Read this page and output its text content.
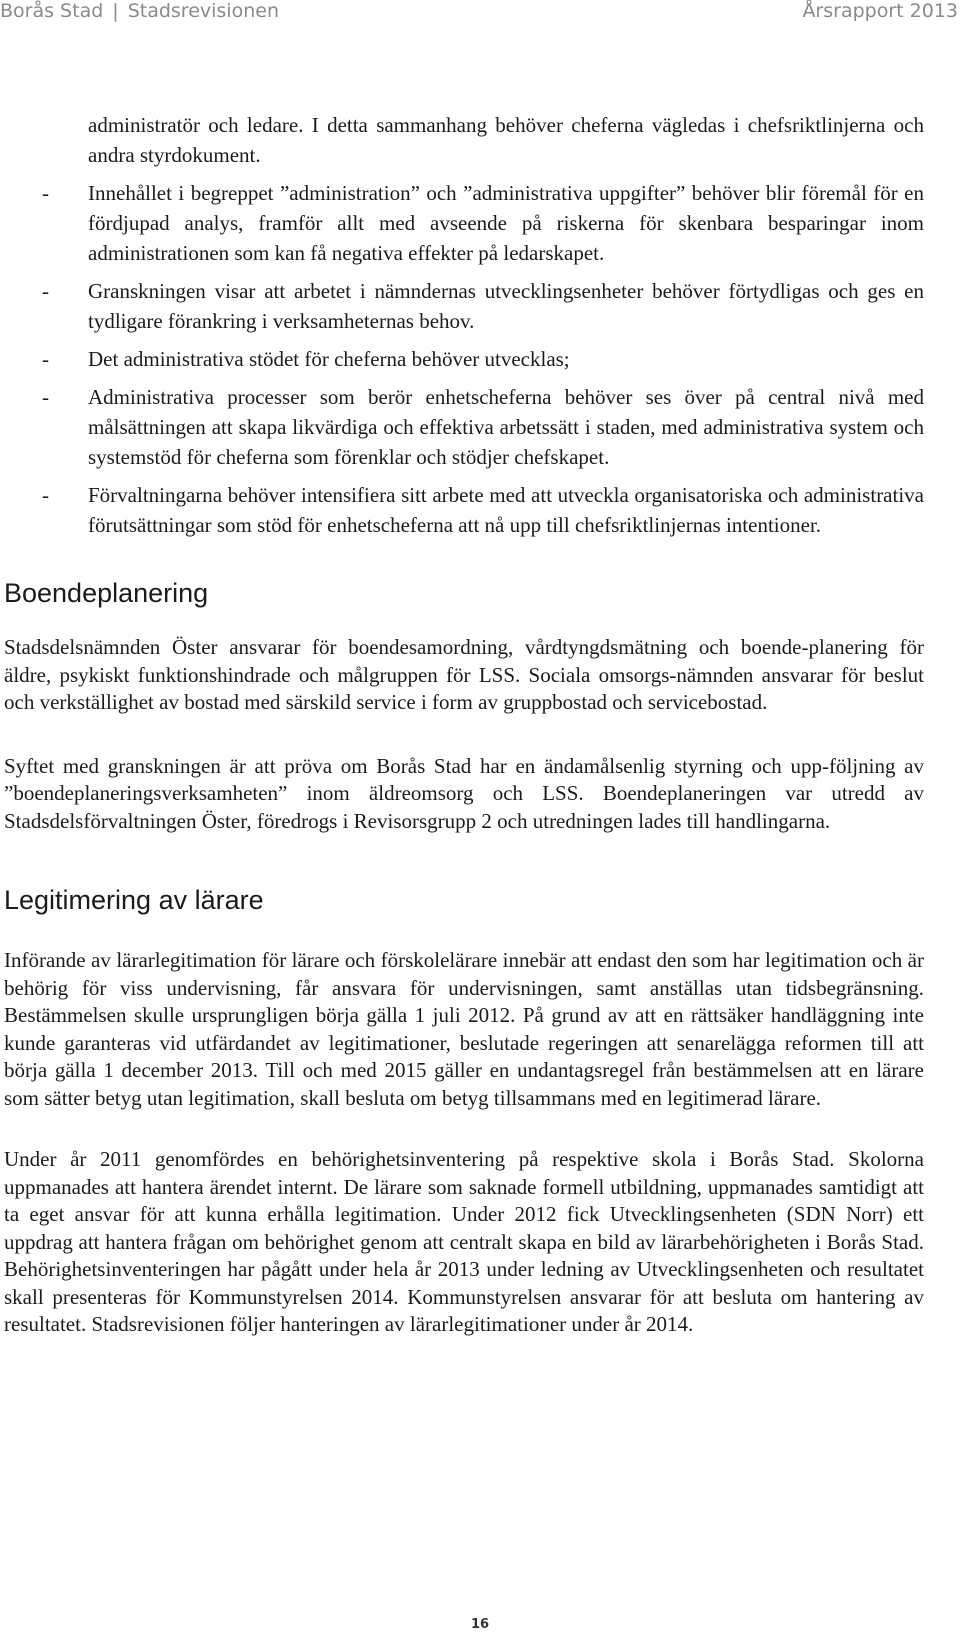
Borås Stad | Stadsrevisionen	Årsrapport 2013

administratör och ledare. I detta sammanhang behöver cheferna vägledas i chefsriktlinjerna och andra styrdokument.

- Innehållet i begreppet ”administration” och ”administrativa uppgifter” behöver blir föremål för en fördjupad analys, framför allt med avseende på riskerna för skenbara besparingar inom administrationen som kan få negativa effekter på ledarskapet.
- Granskningen visar att arbetet i nämndernas utvecklingsenheter behöver förtydligas och ges en tydligare förankring i verksamheternas behov.
- Det administrativa stödet för cheferna behöver utvecklas;
- Administrativa processer som berör enhetscheferna behöver ses över på central nivå med målsättningen att skapa likvärdiga och effektiva arbetssätt i staden, med administrativa system och systemstöd för cheferna som förenklar och stödjer chefskapet.
- Förvaltningarna behöver intensifiera sitt arbete med att utveckla organisatoriska och administrativa förutsättningar som stöd för enhetscheferna att nå upp till chefsriktlinjernas intentioner.
Boendeplanering

Stadsdelsnämnden Öster ansvarar för boendesamordning, vårdtyngdsmätning och boende-planering för äldre, psykiskt funktionshindrade och målgruppen för LSS. Sociala omsorgs-nämnden ansvarar för beslut och verkställighet av bostad med särskild service i form av gruppbostad och servicebostad.

Syftet med granskningen är att pröva om Borås Stad har en ändamålsenlig styrning och upp-följning av ”boendeplaneringsverksamheten” inom äldreomsorg och LSS. Boendeplaneringen var utredd av Stadsdelsförvaltningen Öster, föredrogs i Revisorsgrupp 2 och utredningen lades till handlingarna.

Legitimering av lärare

Införande av lärarlegitimation för lärare och förskolelärare innebär att endast den som har legitimation och är behörig för viss undervisning, får ansvara för undervisningen, samt anställas utan tidsbegränsning. Bestämmelsen skulle ursprungligen börja gälla 1 juli 2012. På grund av att en rättsäker handläggning inte kunde garanteras vid utfärdandet av legitimationer, beslutade regeringen att senarelägga reformen till att börja gälla 1 december 2013. Till och med 2015 gäller en undantagsregel från bestämmelsen att en lärare som sätter betyg utan legitimation, skall besluta om betyg tillsammans med en legitimerad lärare.

Under år 2011 genomfördes en behörighetsinventering på respektive skola i Borås Stad. Skolorna uppmanades att hantera ärendet internt. De lärare som saknade formell utbildning, uppmanades samtidigt att ta eget ansvar för att kunna erhålla legitimation. Under 2012 fick Utvecklingsenheten (SDN Norr) ett uppdrag att hantera frågan om behörighet genom att centralt skapa en bild av lärarbehörigheten i Borås Stad. Behörighetsinventeringen har pågått under hela år 2013 under ledning av Utvecklingsenheten och resultatet skall presenteras för Kommunstyrelsen 2014. Kommunstyrelsen ansvarar för att besluta om hantering av resultatet. Stadsrevisionen följer hanteringen av lärarlegitimationer under år 2014.

16
